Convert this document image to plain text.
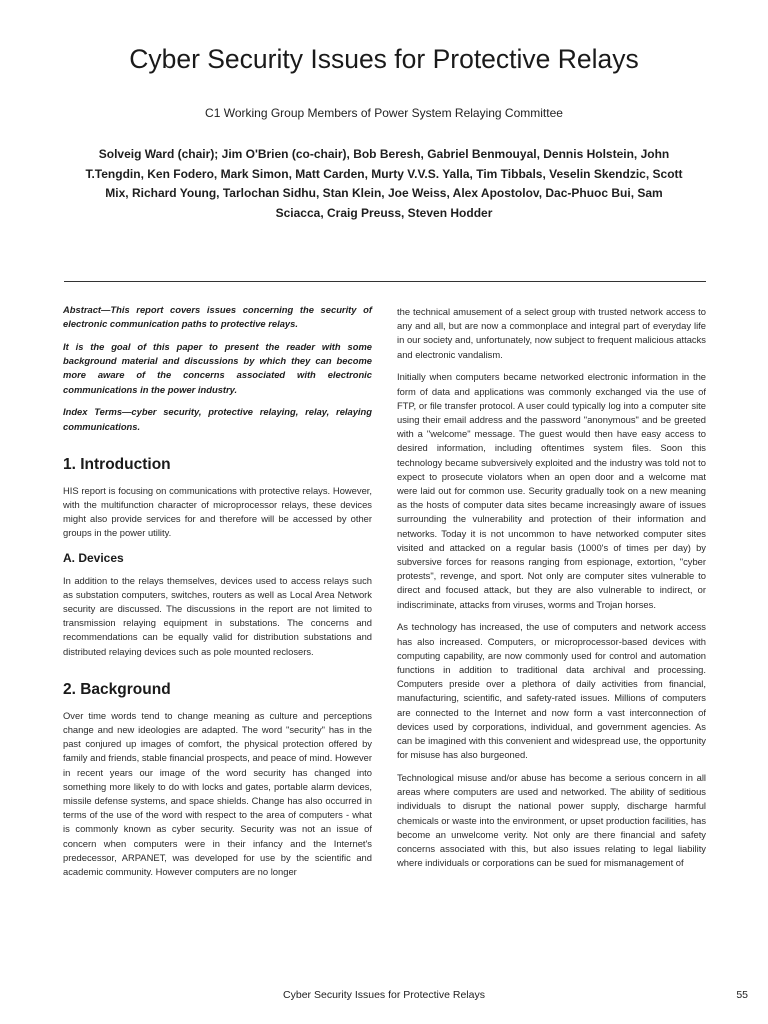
Cyber Security Issues for Protective Relays

C1 Working Group Members of Power System Relaying Committee

Solveig Ward (chair); Jim O'Brien (co-chair), Bob Beresh, Gabriel Benmouyal, Dennis Holstein, John T.Tengdin, Ken Fodero, Mark Simon, Matt Carden, Murty V.V.S. Yalla, Tim Tibbals, Veselin Skendzic, Scott Mix, Richard Young, Tarlochan Sidhu, Stan Klein, Joe Weiss, Alex Apostolov, Dac-Phuoc Bui, Sam Sciacca, Craig Preuss, Steven Hodder

Abstract—This report covers issues concerning the security of electronic communication paths to protective relays.

It is the goal of this paper to present the reader with some background material and discussions by which they can become more aware of the concerns associated with electronic communications in the power industry.

Index Terms—cyber security, protective relaying, relay, relaying communications.

1. Introduction

HIS report is focusing on communications with protective relays. However, with the multifunction character of microprocessor relays, these devices might also provide services for and therefore will be accessed by other groups in the power utility.

A. Devices

In addition to the relays themselves, devices used to access relays such as substation computers, switches, routers as well as Local Area Network security are discussed. The discussions in the report are not limited to transmission relaying equipment in substations. The concerns and recommendations can be equally valid for distribution substations and distributed relaying devices such as pole mounted reclosers.

2. Background

Over time words tend to change meaning as culture and perceptions change and new ideologies are adapted. The word "security" has in the past conjured up images of comfort, the physical protection offered by family and friends, stable financial prospects, and peace of mind. However in recent years our image of the word security has changed into something more likely to do with locks and gates, portable alarm devices, missile defense systems, and space shields. Change has also occurred in terms of the use of the word with respect to the area of computers - what is commonly known as cyber security. Security was not an issue of concern when computers were in their infancy and the Internet's predecessor, ARPANET, was developed for use by the scientific and academic community. However computers are no longer

the technical amusement of a select group with trusted network access to any and all, but are now a commonplace and integral part of everyday life in our society and, unfortunately, now subject to frequent malicious attacks and electronic vandalism.

Initially when computers became networked electronic information in the form of data and applications was commonly exchanged via the use of FTP, or file transfer protocol. A user could typically log into a computer site using their email address and the password "anonymous" and be greeted with a "welcome" message. The guest would then have easy access to desired information, including oftentimes system files. Soon this technology became subversively exploited and the industry was told not to expect to prosecute violators when an open door and a welcome mat were laid out for common use. Security gradually took on a new meaning as the hosts of computer data sites became increasingly aware of issues surrounding the vulnerability and protection of their information and networks. Today it is not uncommon to have networked computer sites visited and attacked on a regular basis (1000's of times per day) by subversive forces for reasons ranging from espionage, extortion, "cyber protests", revenge, and sport. Not only are computer sites vulnerable to direct and focused attack, but they are also vulnerable to indirect, or indiscriminate, attacks from viruses, worms and Trojan horses.

As technology has increased, the use of computers and network access has also increased. Computers, or microprocessor-based devices with computing capability, are now commonly used for control and automation functions in addition to traditional data archival and processing. Computers preside over a plethora of daily activities from financial, manufacturing, scientific, and safety-rated issues. Millions of computers are connected to the Internet and now form a vast interconnection of devices used by corporations, individual, and government agencies. As can be imagined with this convenient and widespread use, the opportunity for misuse has also burgeoned.

Technological misuse and/or abuse has become a serious concern in all areas where computers are used and networked. The ability of seditious individuals to disrupt the national power supply, discharge harmful chemicals or waste into the environment, or upset production facilities, has become an unwelcome verity. Not only are there financial and safety concerns associated with this, but also issues relating to legal liability where individuals or corporations can be sued for mismanagement of

Cyber Security Issues for Protective Relays	55
